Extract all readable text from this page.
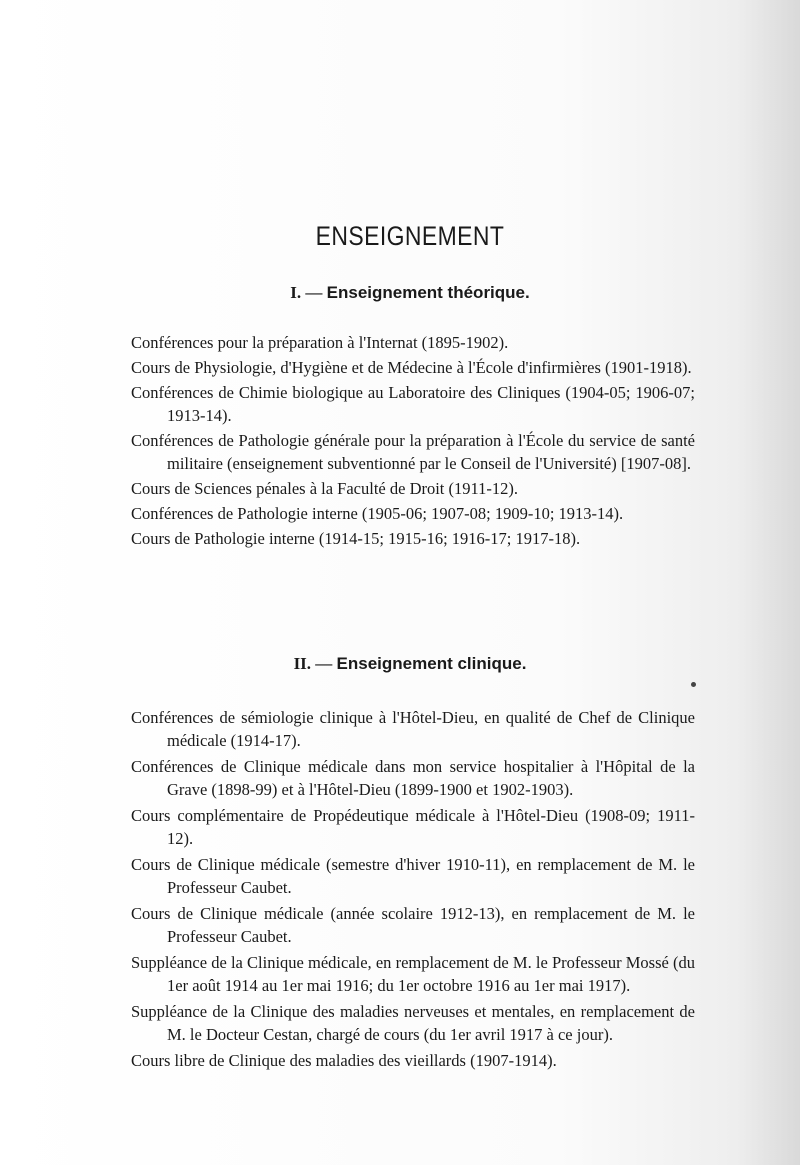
ENSEIGNEMENT
I. — Enseignement théorique.
Conférences pour la préparation à l'Internat (1895-1902).
Cours de Physiologie, d'Hygiène et de Médecine à l'École d'infirmières (1901-1918).
Conférences de Chimie biologique au Laboratoire des Cliniques (1904-05; 1906-07; 1913-14).
Conférences de Pathologie générale pour la préparation à l'École du service de santé militaire (enseignement subventionné par le Conseil de l'Université) [1907-08].
Cours de Sciences pénales à la Faculté de Droit (1911-12).
Conférences de Pathologie interne (1905-06; 1907-08; 1909-10; 1913-14).
Cours de Pathologie interne (1914-15; 1915-16; 1916-17; 1917-18).
II. — Enseignement clinique.
Conférences de sémiologie clinique à l'Hôtel-Dieu, en qualité de Chef de Clinique médicale (1914-17).
Conférences de Clinique médicale dans mon service hospitalier à l'Hôpital de la Grave (1898-99) et à l'Hôtel-Dieu (1899-1900 et 1902-1903).
Cours complémentaire de Propédeutique médicale à l'Hôtel-Dieu (1908-09; 1911-12).
Cours de Clinique médicale (semestre d'hiver 1910-11), en remplacement de M. le Professeur Caubet.
Cours de Clinique médicale (année scolaire 1912-13), en remplacement de M. le Professeur Caubet.
Suppléance de la Clinique médicale, en remplacement de M. le Professeur Mossé (du 1er août 1914 au 1er mai 1916; du 1er octobre 1916 au 1er mai 1917).
Suppléance de la Clinique des maladies nerveuses et mentales, en remplacement de M. le Docteur Cestan, chargé de cours (du 1er avril 1917 à ce jour).
Cours libre de Clinique des maladies des vieillards (1907-1914).
